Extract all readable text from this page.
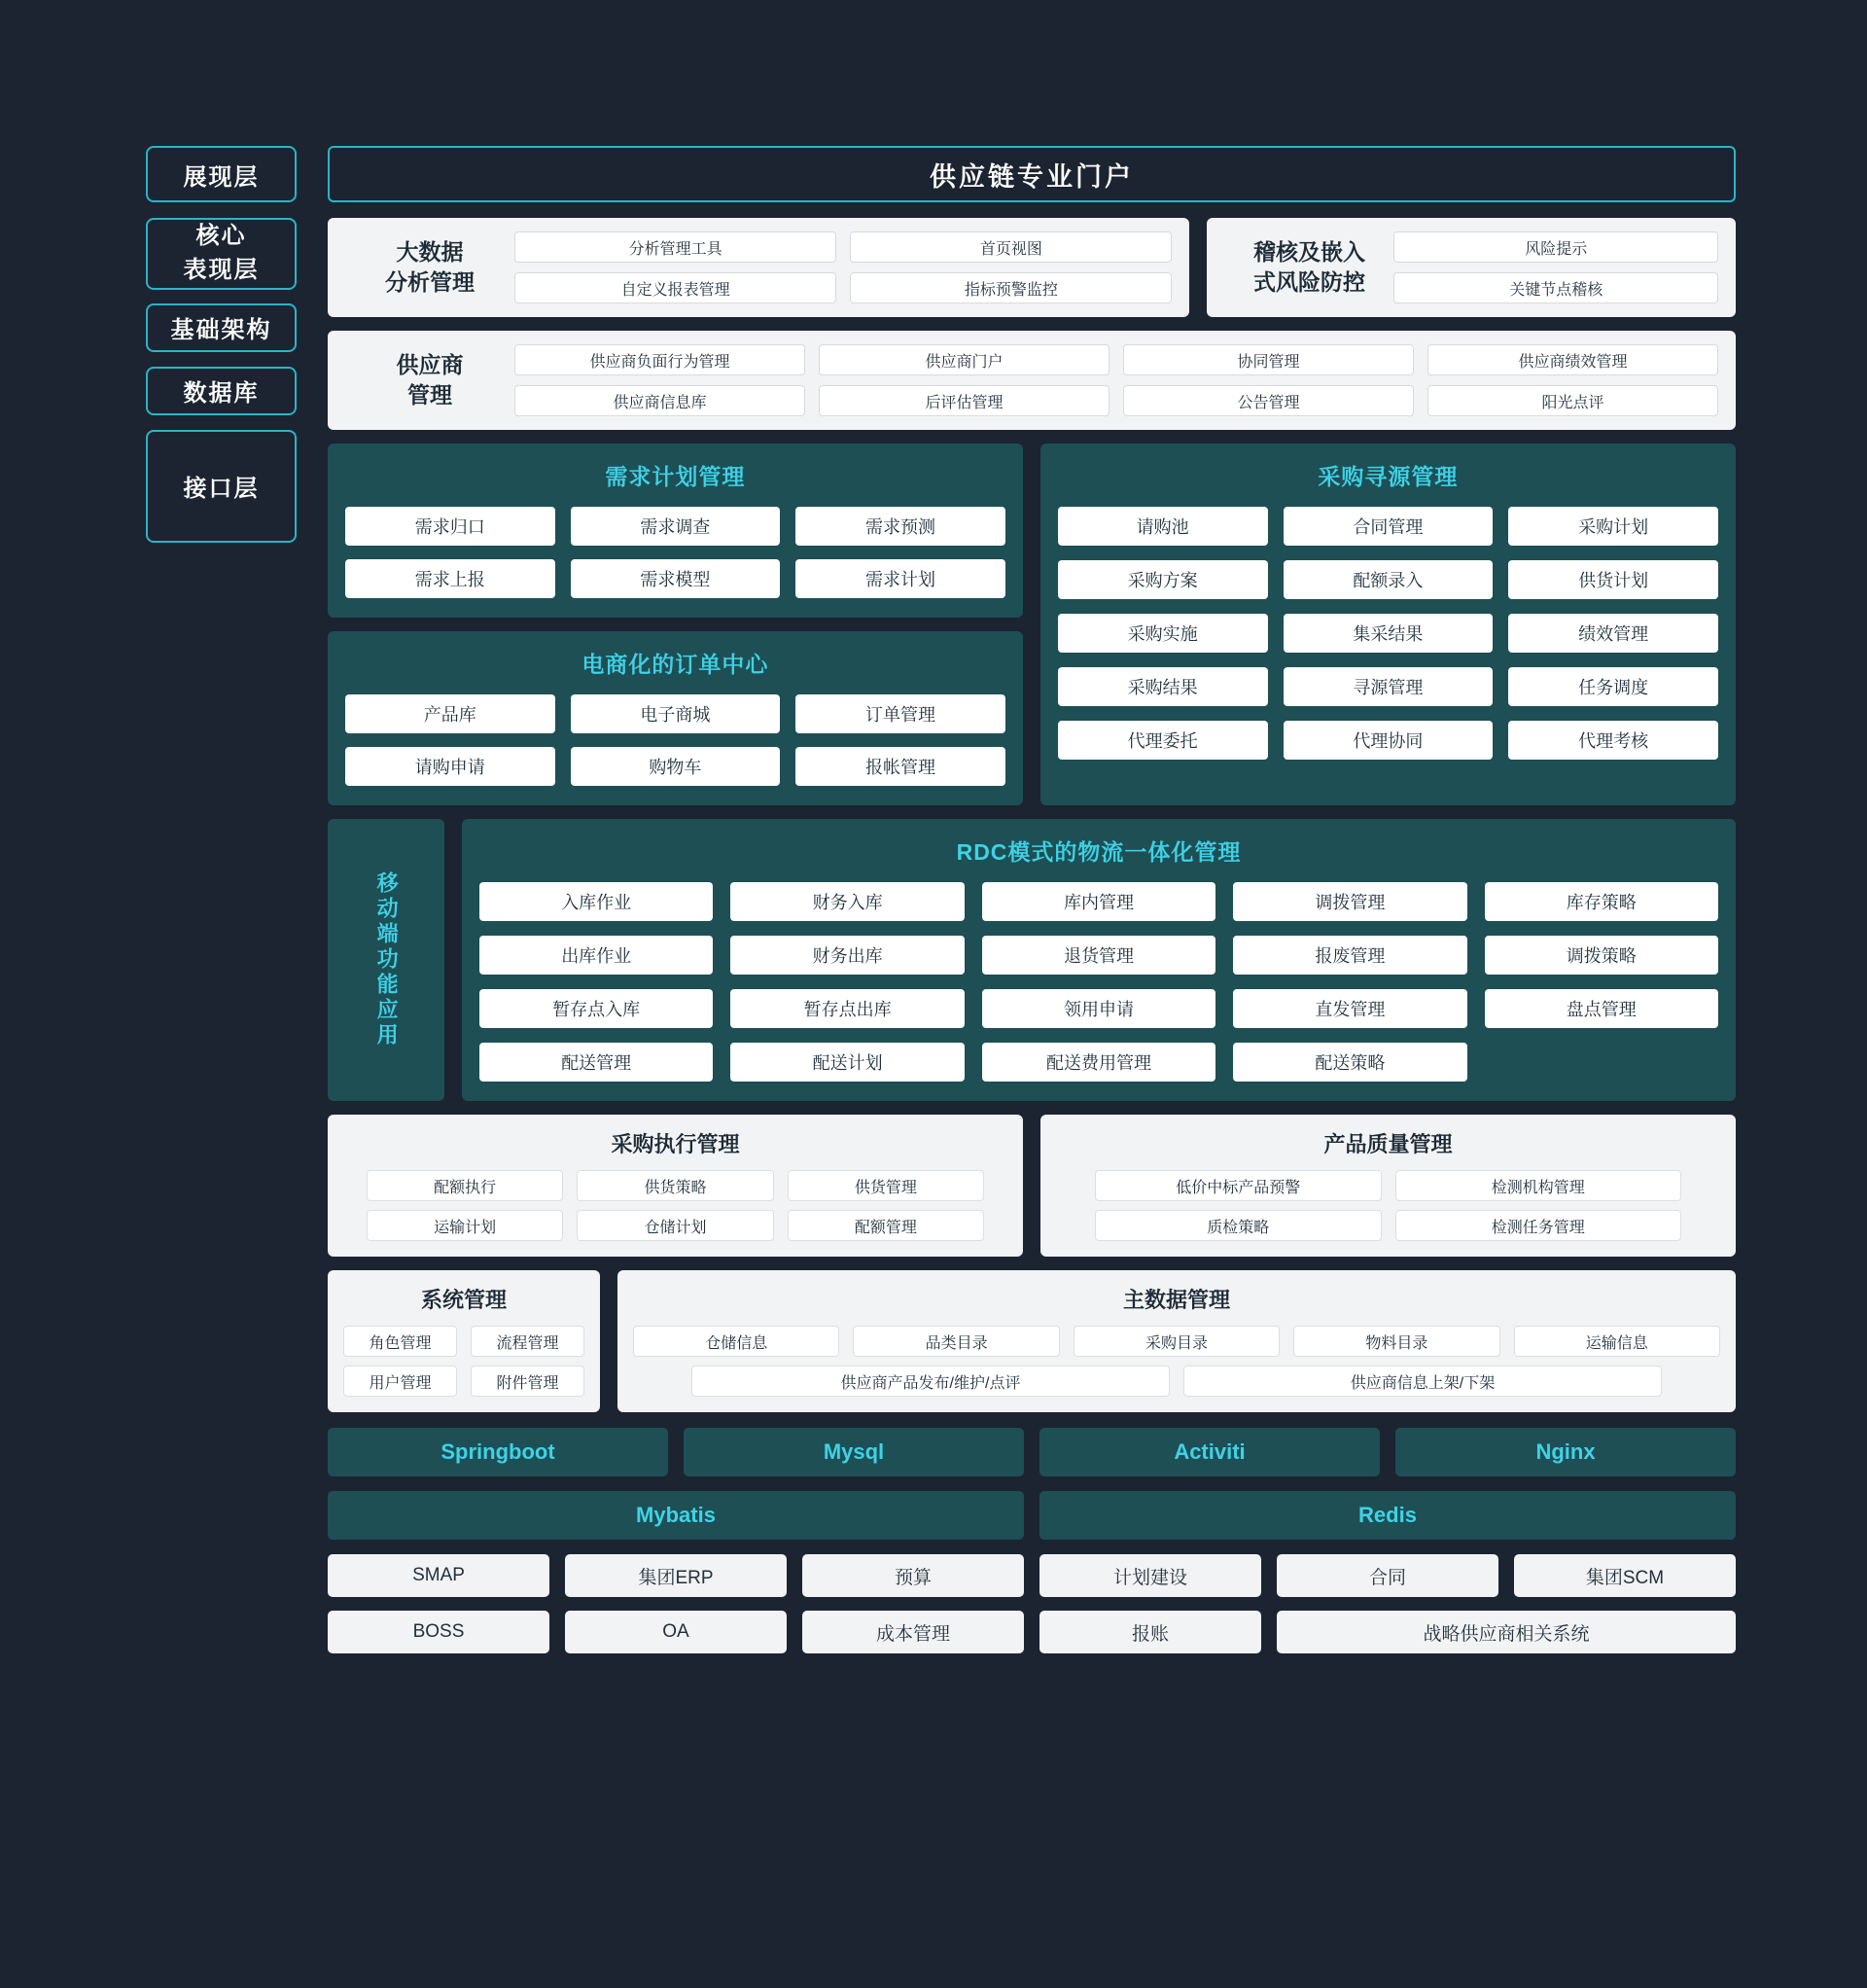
展现层
核心
表现层
基础架构
数据库
接口层
供应链专业门户
大数据
分析管理
分析管理工具	首页视图
自定义报表管理	指标预警监控
稽核及嵌入
式风险防控
风险提示
关键节点稽核
供应商
管理
供应商负面行为管理	供应商门户	协同管理	供应商绩效管理
供应商信息库	后评估管理	公告管理	阳光点评
需求计划管理
需求归口	需求调查	需求预测
需求上报	需求模型	需求计划
电商化的订单中心
产品库	电子商城	订单管理
请购申请	购物车	报帐管理
采购寻源管理
请购池	合同管理	采购计划
采购方案	配额录入	供货计划
采购实施	集采结果	绩效管理
采购结果	寻源管理	任务调度
代理委托	代理协同	代理考核
移动端功能应用
RDC模式的物流一体化管理
入库作业	财务入库	库内管理	调拨管理	库存策略
出库作业	财务出库	退货管理	报废管理	调拨策略
暂存点入库	暂存点出库	领用申请	直发管理	盘点管理
配送管理	配送计划	配送费用管理	配送策略
采购执行管理
配额执行	供货策略	供货管理
运输计划	仓储计划	配额管理
产品质量管理
低价中标产品预警	检测机构管理
质检策略	检测任务管理
系统管理
角色管理	流程管理
用户管理	附件管理
主数据管理
仓储信息	品类目录	采购目录	物料目录	运输信息
供应商产品发布/维护/点评	供应商信息上架/下架
Springboot	Mysql	Activiti	Nginx
Mybatis	Redis
SMAP	集团ERP	预算	计划建设	合同	集团SCM
BOSS	OA	成本管理	报账	战略供应商相关系统
